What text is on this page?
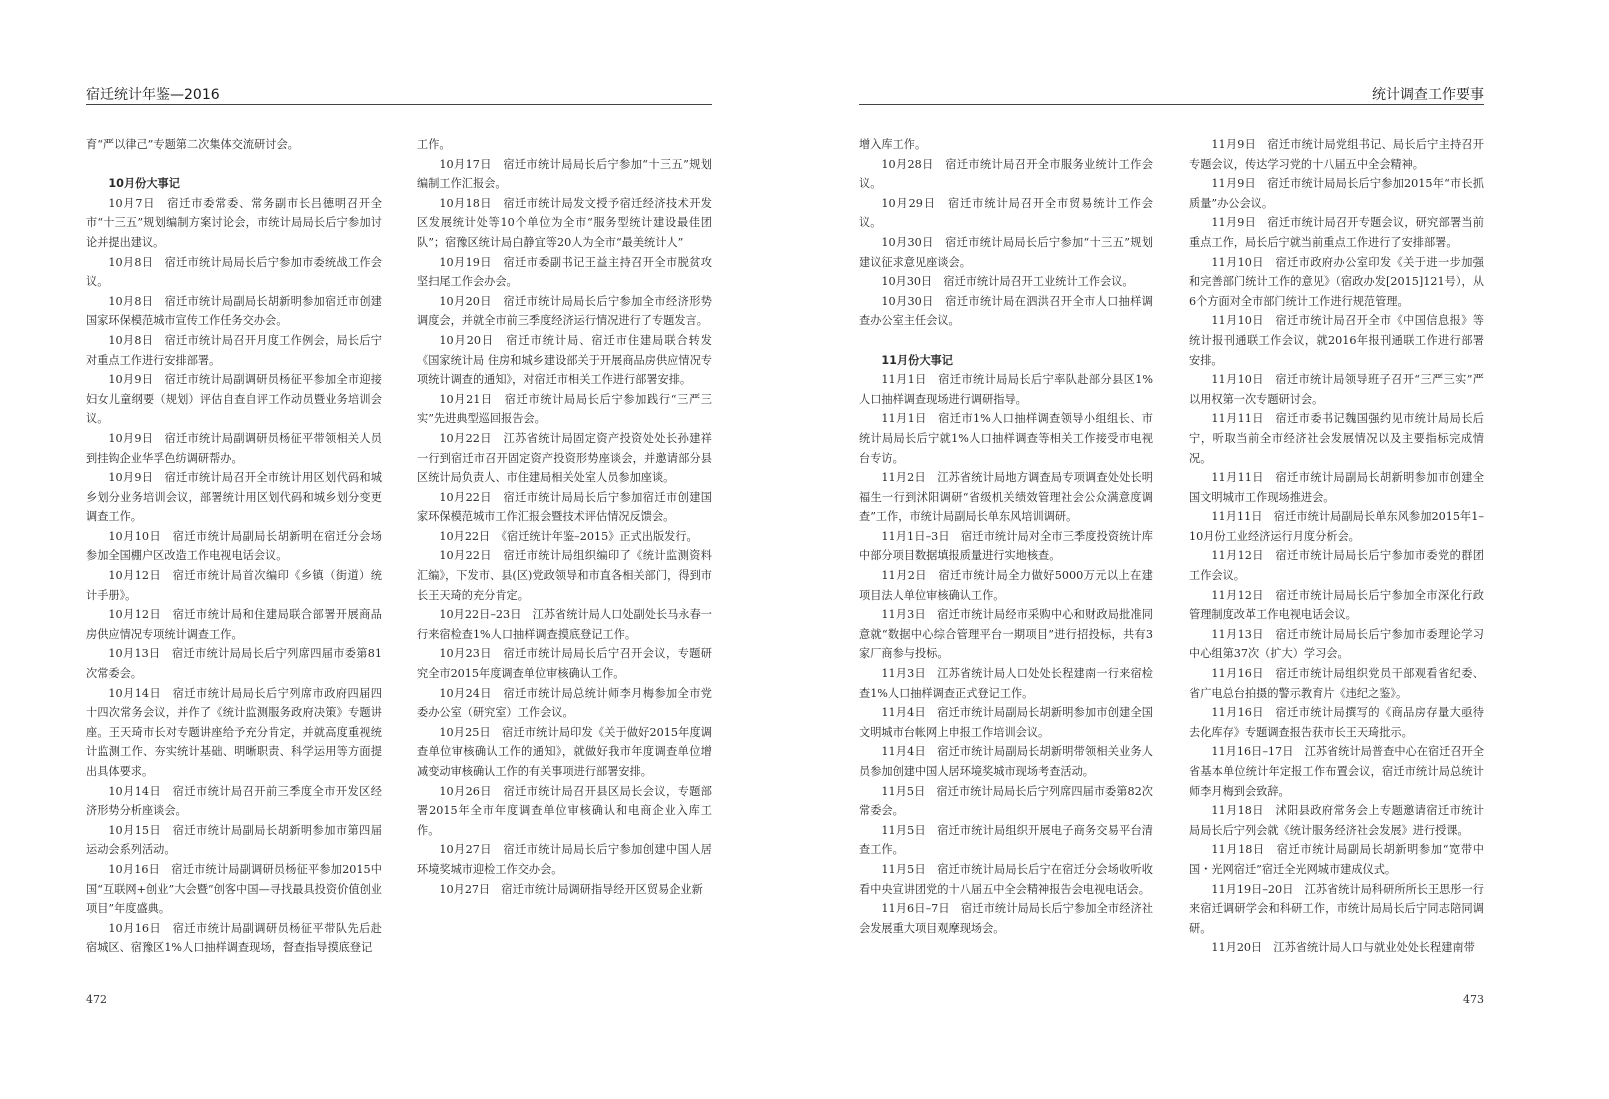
宿迁统计年鉴—2016

育“严以律己”专题第二次集体交流研讨会。

10月份大事记

10月7日　宿迁市委常委、常务副市长吕德明召开全市“十三五”规划编制方案讨论会，市统计局局长后宁参加讨论并提出建议。

10月8日　宿迁市统计局局长后宁参加市委统战工作会议。

10月8日　宿迁市统计局副局长胡新明参加宿迁市创建国家环保模范城市宣传工作任务交办会。

10月8日　宿迁市统计局召开月度工作例会，局长后宁对重点工作进行安排部署。

10月9日　宿迁市统计局副调研员杨征平参加全市迎接妇女儿童纲要（规划）评估自查自评工作动员暨业务培训会议。

10月9日　宿迁市统计局副调研员杨征平带领相关人员到挂钩企业华孚色纺调研帮办。

10月9日　宿迁市统计局召开全市统计用区划代码和城乡划分业务培训会议，部署统计用区划代码和城乡划分变更调查工作。

10月10日　宿迁市统计局副局长胡新明在宿迁分会场参加全国棚户区改造工作电视电话会议。

10月12日　宿迁市统计局首次编印《乡镇（街道）统计手册》。

10月12日　宿迁市统计局和住建局联合部署开展商品房供应情况专项统计调查工作。

10月13日　宿迁市统计局局长后宁列席四届市委第81次常委会。

10月14日　宿迁市统计局局长后宁列席市政府四届四十四次常务会议，并作了《统计监测服务政府决策》专题讲座。王天琦市长对专题讲座给予充分肯定，并就高度重视统计监测工作、夯实统计基础、明晰职责、科学运用等方面提出具体要求。

10月14日　宿迁市统计局召开前三季度全市开发区经济形势分析座谈会。

10月15日　宿迁市统计局副局长胡新明参加市第四届运动会系列活动。

10月16日　宿迁市统计局副调研员杨征平参加2015中国“互联网+创业”大会暨“创客中国—寻找最具投资价值创业项目”年度盛典。

10月16日　宿迁市统计局副调研员杨征平带队先后赴宿城区、宿豫区1%人口抽样调查现场，督查指导摸底登记

工作。

10月17日　宿迁市统计局局长后宁参加“十三五”规划编制工作汇报会。

10月18日　宿迁市统计局发文授予宿迁经济技术开发区发展统计处等10个单位为全市“服务型统计建设最佳团队”；宿豫区统计局白静宜等20人为全市“最美统计人”

10月19日　宿迁市委副书记王益主持召开全市脱贫攻坚扫尾工作会办会。

10月20日　宿迁市统计局局长后宁参加全市经济形势调度会，并就全市前三季度经济运行情况进行了专题发言。

10月20日　宿迁市统计局、宿迁市住建局联合转发《国家统计局 住房和城乡建设部关于开展商品房供应情况专项统计调查的通知》，对宿迁市相关工作进行部署安排。

10月21日　宿迁市统计局局长后宁参加践行“三严三实”先进典型巡回报告会。

10月22日　江苏省统计局固定资产投资处处长孙建祥一行到宿迁市召开固定资产投资形势座谈会，并邀请部分县区统计局负责人、市住建局相关处室人员参加座谈。

10月22日　宿迁市统计局局长后宁参加宿迁市创建国家环保模范城市工作汇报会暨技术评估情况反馈会。

10月22日　《宿迁统计年鉴–2015》正式出版发行。

10月22日　宿迁市统计局组织编印了《统计监测资料汇编》，下发市、县(区)党政领导和市直各相关部门，得到市长王天琦的充分肯定。

10月22日–23日　江苏省统计局人口处副处长马永春一行来宿检查1%人口抽样调查摸底登记工作。

10月23日　宿迁市统计局局长后宁召开会议，专题研究全市2015年度调查单位审核确认工作。

10月24日　宿迁市统计局总统计师李月梅参加全市党委办公室（研究室）工作会议。

10月25日　宿迁市统计局印发《关于做好2015年度调查单位审核确认工作的通知》，就做好我市年度调查单位增减变动审核确认工作的有关事项进行部署安排。

10月26日　宿迁市统计局召开县区局长会议，专题部署2015年全市年度调查单位审核确认和电商企业入库工作。

10月27日　宿迁市统计局局长后宁参加创建中国人居环境奖城市迎检工作交办会。

10月27日　宿迁市统计局调研指导经开区贸易企业新

472
统计调查工作要事

增入库工作。

10月28日　宿迁市统计局召开全市服务业统计工作会议。

10月29日　宿迁市统计局召开全市贸易统计工作会议。

10月30日　宿迁市统计局局长后宁参加“十三五”规划建议征求意见座谈会。

10月30日　宿迁市统计局召开工业统计工作会议。

10月30日　宿迁市统计局在泗洪召开全市人口抽样调查办公室主任会议。

11月份大事记

11月1日　宿迁市统计局局长后宁率队赴部分县区1%人口抽样调查现场进行调研指导。

11月1日　宿迁市1%人口抽样调查领导小组组长、市统计局局长后宁就1%人口抽样调查等相关工作接受市电视台专访。

11月2日　江苏省统计局地方调查局专项调查处处长明福生一行到沭阳调研“省级机关绩效管理社会公众满意度调查”工作，市统计局副局长单东风培训调研。

11月1日–3日　宿迁市统计局对全市三季度投资统计库中部分项目数据填报质量进行实地核查。

11月2日　宿迁市统计局全力做好5000万元以上在建项目法人单位审核确认工作。

11月3日　宿迁市统计局经市采购中心和财政局批准同意就“数据中心综合管理平台一期项目”进行招投标，共有3家厂商参与投标。

11月3日　江苏省统计局人口处处长程建南一行来宿检查1%人口抽样调查正式登记工作。

11月4日　宿迁市统计局副局长胡新明参加市创建全国文明城市台帐网上申报工作培训会议。

11月4日　宿迁市统计局副局长胡新明带领相关业务人员参加创建中国人居环境奖城市现场考查活动。

11月5日　宿迁市统计局局长后宁列席四届市委第82次常委会。

11月5日　宿迁市统计局组织开展电子商务交易平台清查工作。

11月5日　宿迁市统计局局长后宁在宿迁分会场收听收看中央宣讲团党的十八届五中全会精神报告会电视电话会。

11月6日–7日　宿迁市统计局局长后宁参加全市经济社会发展重大项目观摩现场会。

11月9日　宿迁市统计局党组书记、局长后宁主持召开专题会议，传达学习党的十八届五中全会精神。

11月9日　宿迁市统计局局长后宁参加2015年“市长抓质量”办公会议。

11月9日　宿迁市统计局召开专题会议，研究部署当前重点工作，局长后宁就当前重点工作进行了安排部署。

11月10日　宿迁市政府办公室印发《关于进一步加强和完善部门统计工作的意见》（宿政办发[2015]121号），从6个方面对全市部门统计工作进行规范管理。

11月10日　宿迁市统计局召开全市《中国信息报》等统计报刊通联工作会议，就2016年报刊通联工作进行部署安排。

11月10日　宿迁市统计局领导班子召开“三严三实”严以用权第一次专题研讨会。

11月11日　宿迁市委书记魏国强约见市统计局局长后宁，听取当前全市经济社会发展情况以及主要指标完成情况。

11月11日　宿迁市统计局副局长胡新明参加市创建全国文明城市工作现场推进会。

11月11日　宿迁市统计局副局长单东风参加2015年1–10月份工业经济运行月度分析会。

11月12日　宿迁市统计局局长后宁参加市委党的群团工作会议。

11月12日　宿迁市统计局局长后宁参加全市深化行政管理制度改革工作电视电话会议。

11月13日　宿迁市统计局局长后宁参加市委理论学习中心组第37次（扩大）学习会。

11月16日　宿迁市统计局组织党员干部观看省纪委、省广电总台拍摄的警示教育片《违纪之鉴》。

11月16日　宿迁市统计局撰写的《商品房存量大亟待去化库存》专题调查报告获市长王天琦批示。

11月16日–17日　江苏省统计局普查中心在宿迁召开全省基本单位统计年定报工作布置会议，宿迁市统计局总统计师李月梅到会致辞。

11月18日　沭阳县政府常务会上专题邀请宿迁市统计局局长后宁列会就《统计服务经济社会发展》进行授课。

11月18日　宿迁市统计局副局长胡新明参加“宽带中国・光网宿迁”宿迁全光网城市建成仪式。

11月19日–20日　江苏省统计局科研所所长王思彤一行来宿迁调研学会和科研工作，市统计局局长后宁同志陪同调研。

11月20日　江苏省统计局人口与就业处处长程建南带

473
